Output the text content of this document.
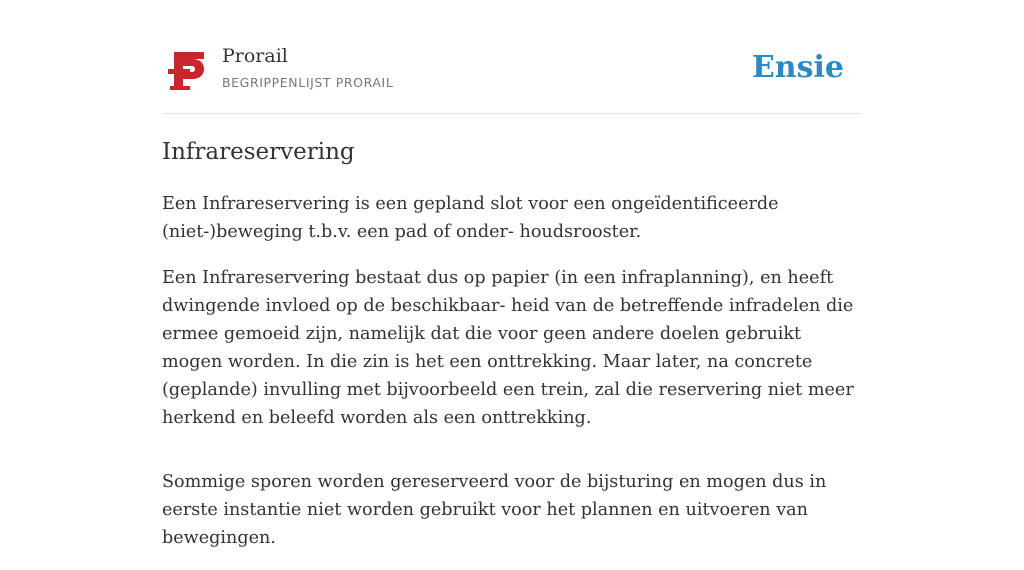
Prorail
BEGRIPPENLIJST PRORAIL	Ensie
Infrareservering

Een Infrareservering is een gepland slot voor een ongeïdentificeerde (niet-)beweging t.b.v. een pad of onder- houdsrooster.

Een Infrareservering bestaat dus op papier (in een infraplanning), en heeft dwingende invloed op de beschikbaar- heid van de betreffende infradelen die ermee gemoeid zijn, namelijk dat die voor geen andere doelen gebruikt mogen worden. In die zin is het een onttrekking. Maar later, na concrete (geplande) invulling met bijvoorbeeld een trein, zal die reservering niet meer herkend en beleefd worden als een onttrekking.

Sommige sporen worden gereserveerd voor de bijsturing en mogen dus in eerste instantie niet worden gebruikt voor het plannen en uitvoeren van bewegingen.
